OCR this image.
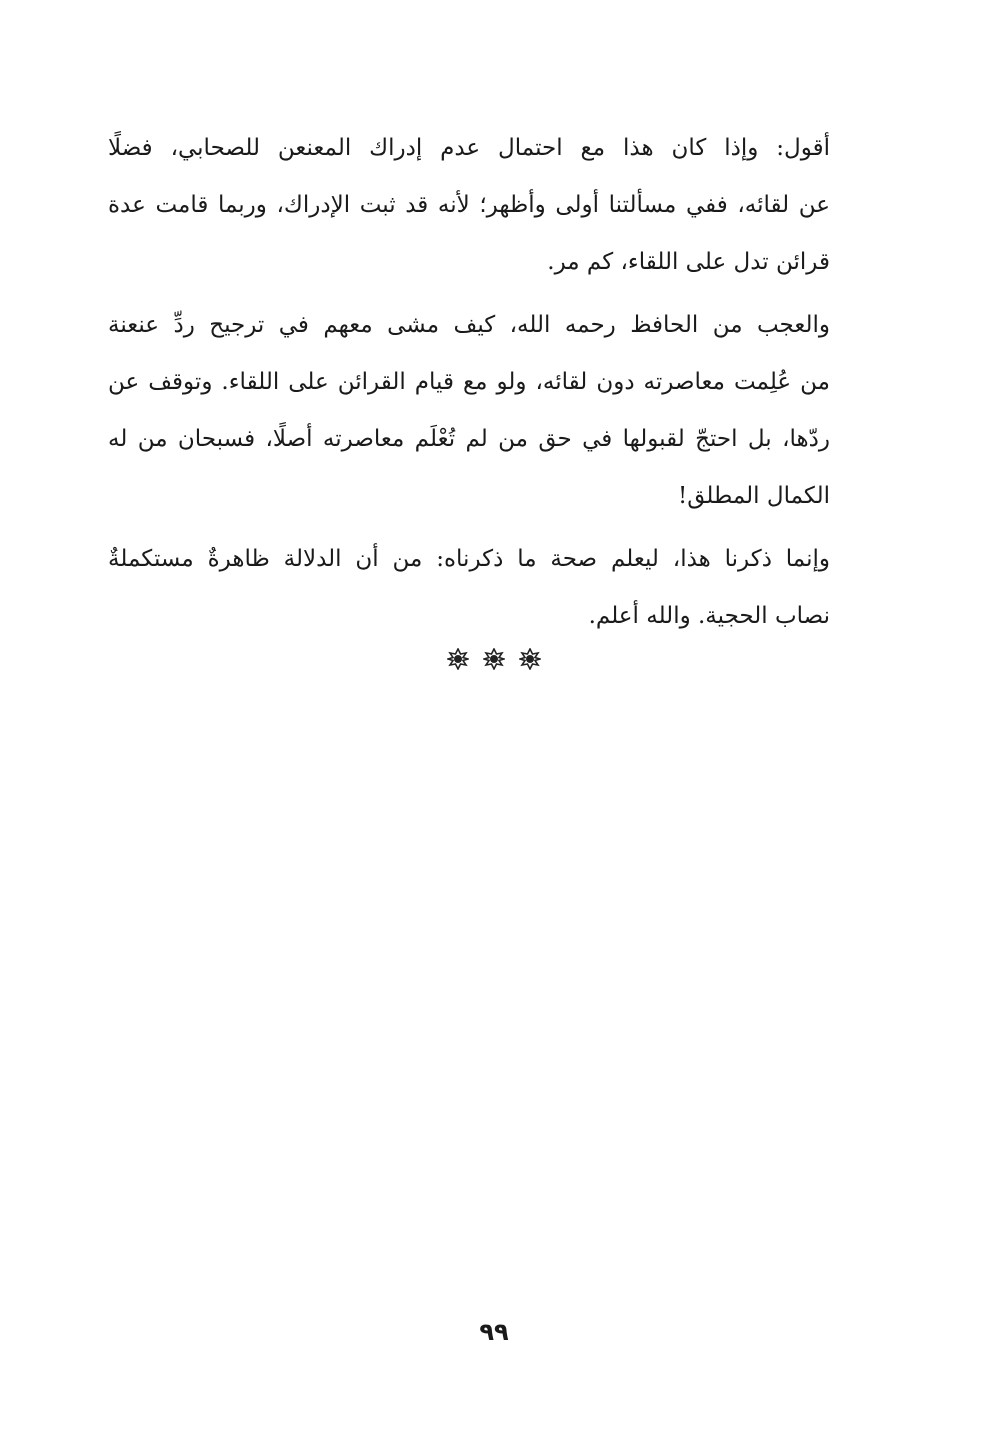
أقول: وإذا كان هذا مع احتمال عدم إدراك المعنعن للصحابي، فضلًا
عن لقائه، ففي مسألتنا أولى وأظهر؛ لأنه قد ثبت الإدراك، وربما قامت عدة
قرائن تدل على اللقاء، كم مر.
والعجب من الحافظ رحمه الله، كيف مشى معهم في ترجيح ردِّ عنعنة
من عُلِمت معاصرته دون لقائه، ولو مع قيام القرائن على اللقاء. وتوقف عن
ردّها، بل احتجّ لقبولها في حق من لم تُعْلَم معاصرته أصلًا، فسبحان من له
الكمال المطلق!
وإنما ذكرنا هذا، ليعلم صحة ما ذكرناه: من أن الدلالة ظاهرةٌ مستكملةٌ
نصاب الحجية. والله أعلم.
٩٩
